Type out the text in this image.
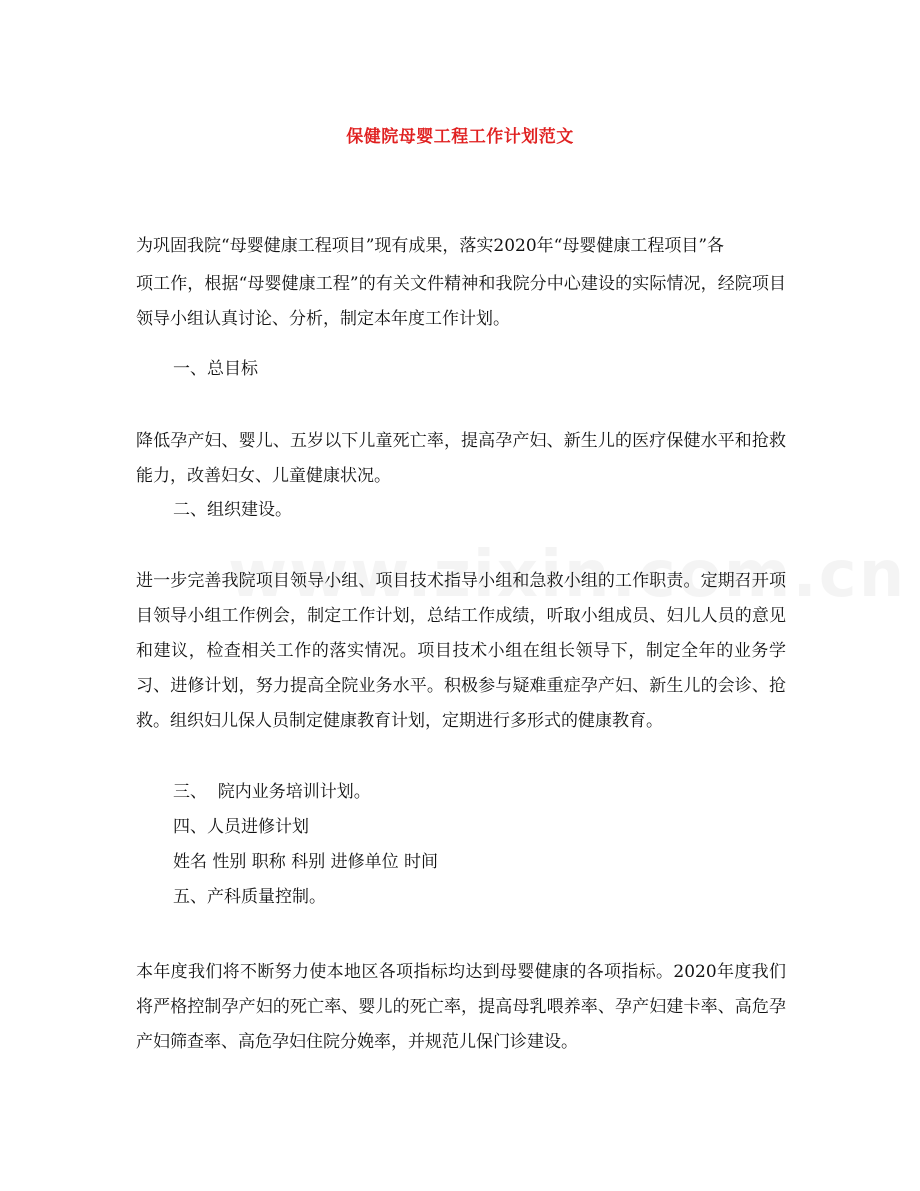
保健院母婴工程工作计划范文

为巩固我院“母婴健康工程项目”现有成果，落实2020年“母婴健康工程项目”各
项工作，根据“母婴健康工程”的有关文件精神和我院分中心建设的实际情况，经院项目领导小组认真讨论、分析，制定本年度工作计划。

一、总目标

降低孕产妇、婴儿、五岁以下儿童死亡率，提高孕产妇、新生儿的医疗保健水平和抢救能力，改善妇女、儿童健康状况。

二、组织建设。

进一步完善我院项目领导小组、项目技术指导小组和急救小组的工作职责。定期召开项目领导小组工作例会，制定工作计划，总结工作成绩，听取小组成员、妇儿人员的意见和建议，检查相关工作的落实情况。项目技术小组在组长领导下，制定全年的业务学习、进修计划，努力提高全院业务水平。积极参与疑难重症孕产妇、新生儿的会诊、抢救。组织妇儿保人员制定健康教育计划，定期进行多形式的健康教育。

三、  院内业务培训计划。
四、人员进修计划
姓名 性别 职称 科别 进修单位 时间
五、产科质量控制。

本年度我们将不断努力使本地区各项指标均达到母婴健康的各项指标。2020年度我们将严格控制孕产妇的死亡率、婴儿的死亡率，提高母乳喂养率、孕产妇建卡率、高危孕产妇筛查率、高危孕妇住院分娩率，并规范儿保门诊建设。
